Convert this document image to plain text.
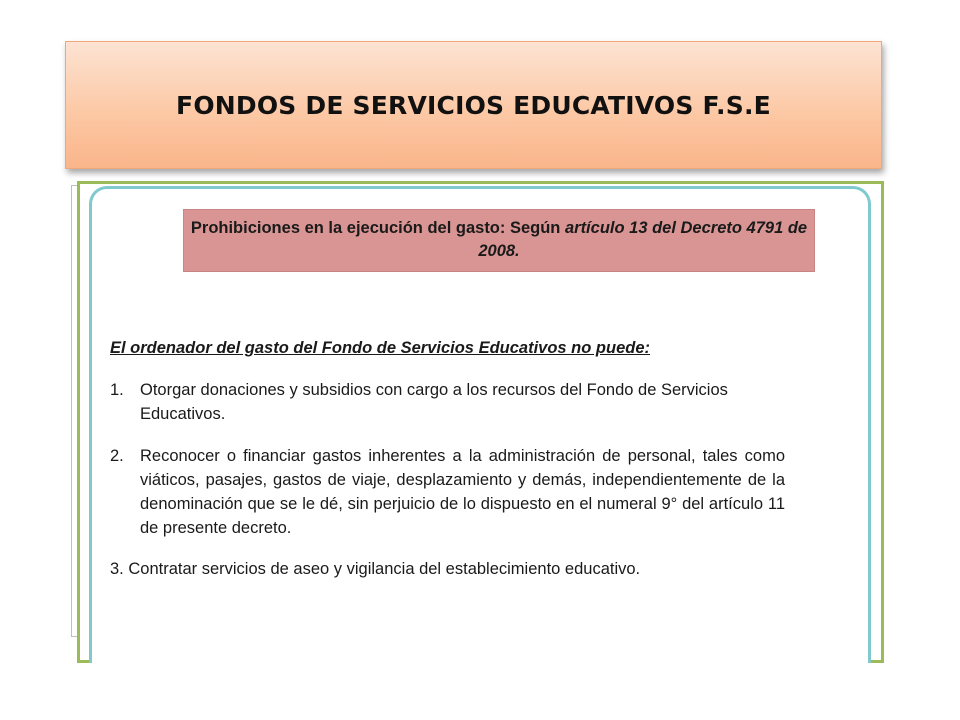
FONDOS DE SERVICIOS EDUCATIVOS F.S.E
Prohibiciones en la ejecución del gasto: Según artículo 13 del Decreto 4791 de 2008.

El ordenador del gasto del Fondo de Servicios Educativos no puede:

1. Otorgar donaciones y subsidios con cargo a los recursos del Fondo de Servicios Educativos.
2. Reconocer o financiar gastos inherentes a la administración de personal, tales como viáticos, pasajes, gastos de viaje, desplazamiento y demás, independientemente de la denominación que se le dé, sin perjuicio de lo dispuesto en el numeral 9° del artículo 11 de presente decreto.
3. Contratar servicios de aseo y vigilancia del establecimiento educativo.
